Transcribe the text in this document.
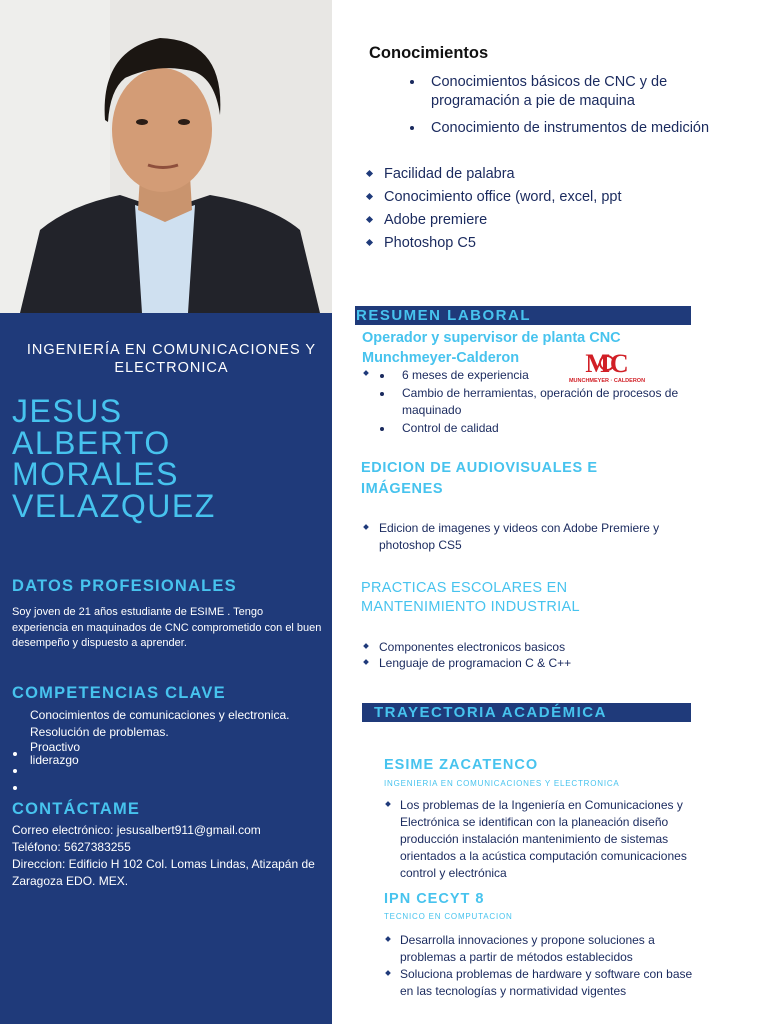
INGENIERÍA EN COMUNICACIONES Y ELECTRONICA
JESUS
ALBERTO
MORALES
VELAZQUEZ
DATOS PROFESIONALES
Soy joven de 21 años estudiante de ESIME . Tengo experiencia en maquinados de CNC comprometido con el buen desempeño y dispuesto a aprender.
COMPETENCIAS CLAVE
Conocimientos de comunicaciones y electronica.
Resolución de problemas.
Proactivo
liderazgo
CONTÁCTAME
Correo electrónico: jesusalbert911@gmail.com
Teléfono: 5627383255
Direccion: Edificio H 102 Col. Lomas Lindas, Atizapán de Zaragoza EDO. MEX.
Conocimientos
Conocimientos básicos de CNC y de programación a pie de maquina
Conocimiento de instrumentos de medición
Facilidad de palabra
Conocimiento office (word, excel, ppt
Adobe premiere
Photoshop C5
RESUMEN LABORAL
Operador y supervisor de planta CNC
Munchmeyer-Calderon	MC
MUNCHMEYER · CALDERON
6 meses de experiencia
Cambio de herramientas, operación de procesos de maquinado
Control de calidad
EDICION DE AUDIOVISUALES E IMÁGENES
Edicion de imagenes y videos con Adobe Premiere y photoshop CS5
PRACTICAS ESCOLARES EN MANTENIMIENTO INDUSTRIAL
Componentes electronicos basicos
Lenguaje de programacion C & C++
TRAYECTORIA ACADÉMICA
ESIME ZACATENCO
INGENIERIA EN COMUNICACIONES Y ELECTRONICA
Los problemas de la Ingeniería en Comunicaciones y Electrónica se identifican con la planeación diseño producción instalación mantenimiento de sistemas orientados a la acústica computación comunicaciones control y electrónica
IPN CECYT 8
TECNICO EN COMPUTACION
Desarrolla innovaciones y propone soluciones a problemas a partir de métodos establecidos
Soluciona problemas de hardware y software con base en las tecnologías y normatividad vigentes
